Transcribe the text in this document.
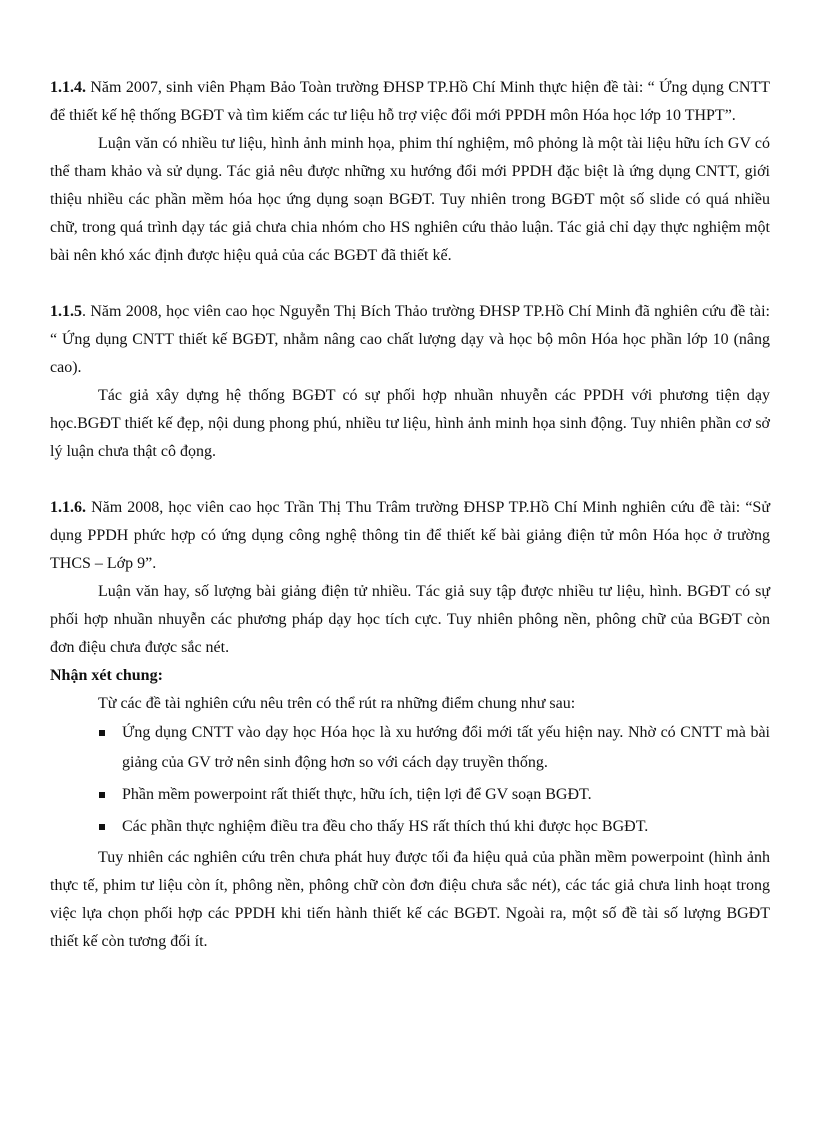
1.1.4. Năm 2007, sinh viên Phạm Bảo Toàn trường ĐHSP TP.Hồ Chí Minh thực hiện đề tài: “ Ứng dụng CNTT để thiết kế hệ thống BGĐT và tìm kiếm các tư liệu hỗ trợ việc đổi mới PPDH môn Hóa học lớp 10 THPT”.

Luận văn có nhiều tư liệu, hình ảnh minh họa, phim thí nghiệm, mô phỏng là một tài liệu hữu ích GV có thể tham khảo và sử dụng. Tác giả nêu được những xu hướng đổi mới PPDH đặc biệt là ứng dụng CNTT, giới thiệu nhiều các phần mềm hóa học ứng dụng soạn BGĐT. Tuy nhiên trong BGĐT một số slide có quá nhiều chữ, trong quá trình dạy tác giả chưa chia nhóm cho HS nghiên cứu thảo luận. Tác giả chỉ dạy thực nghiệm một bài nên khó xác định được hiệu quả của các BGĐT đã thiết kế.

1.1.5. Năm 2008, học viên cao học Nguyễn Thị Bích Thảo trường ĐHSP TP.Hồ Chí Minh đã nghiên cứu đề tài: “ Ứng dụng CNTT thiết kế BGĐT, nhằm nâng cao chất lượng dạy và học bộ môn Hóa học phần lớp 10 (nâng cao).

Tác giả xây dựng hệ thống BGĐT có sự phối hợp nhuần nhuyễn các PPDH với phương tiện dạy học.BGĐT thiết kế đẹp, nội dung phong phú, nhiều tư liệu, hình ảnh minh họa sinh động. Tuy nhiên phần cơ sở lý luận chưa thật cô đọng.

1.1.6. Năm 2008, học viên cao học Trần Thị Thu Trâm trường ĐHSP TP.Hồ Chí Minh nghiên cứu đề tài: “Sử dụng PPDH phức hợp có ứng dụng công nghệ thông tin để thiết kế bài giảng điện tử môn Hóa học ở trường THCS – Lớp 9”.

Luận văn hay, số lượng bài giảng điện tử nhiều. Tác giả suy tập được nhiều tư liệu, hình. BGĐT có sự phối hợp nhuần nhuyễn các phương pháp dạy học tích cực. Tuy nhiên phông nền, phông chữ của BGĐT còn đơn điệu chưa được sắc nét.

Nhận xét chung:

Từ các đề tài nghiên cứu nêu trên có thể rút ra những điểm chung như sau:

Ứng dụng CNTT vào dạy học Hóa học là xu hướng đổi mới tất yếu hiện nay. Nhờ có CNTT mà bài giảng của GV trở nên sinh động hơn so với cách dạy truyền thống.
Phần mềm powerpoint rất thiết thực, hữu ích, tiện lợi để GV soạn BGĐT.
Các phần thực nghiệm điều tra đều cho thấy HS rất thích thú khi được học BGĐT.

Tuy nhiên các nghiên cứu trên chưa phát huy được tối đa hiệu quả của phần mềm powerpoint (hình ảnh thực tế, phim tư liệu còn ít, phông nền, phông chữ còn đơn điệu chưa sắc nét), các tác giả chưa linh hoạt trong việc lựa chọn phối hợp các PPDH khi tiến hành thiết kế các BGĐT. Ngoài ra, một số đề tài số lượng BGĐT thiết kế còn tương đối ít.
